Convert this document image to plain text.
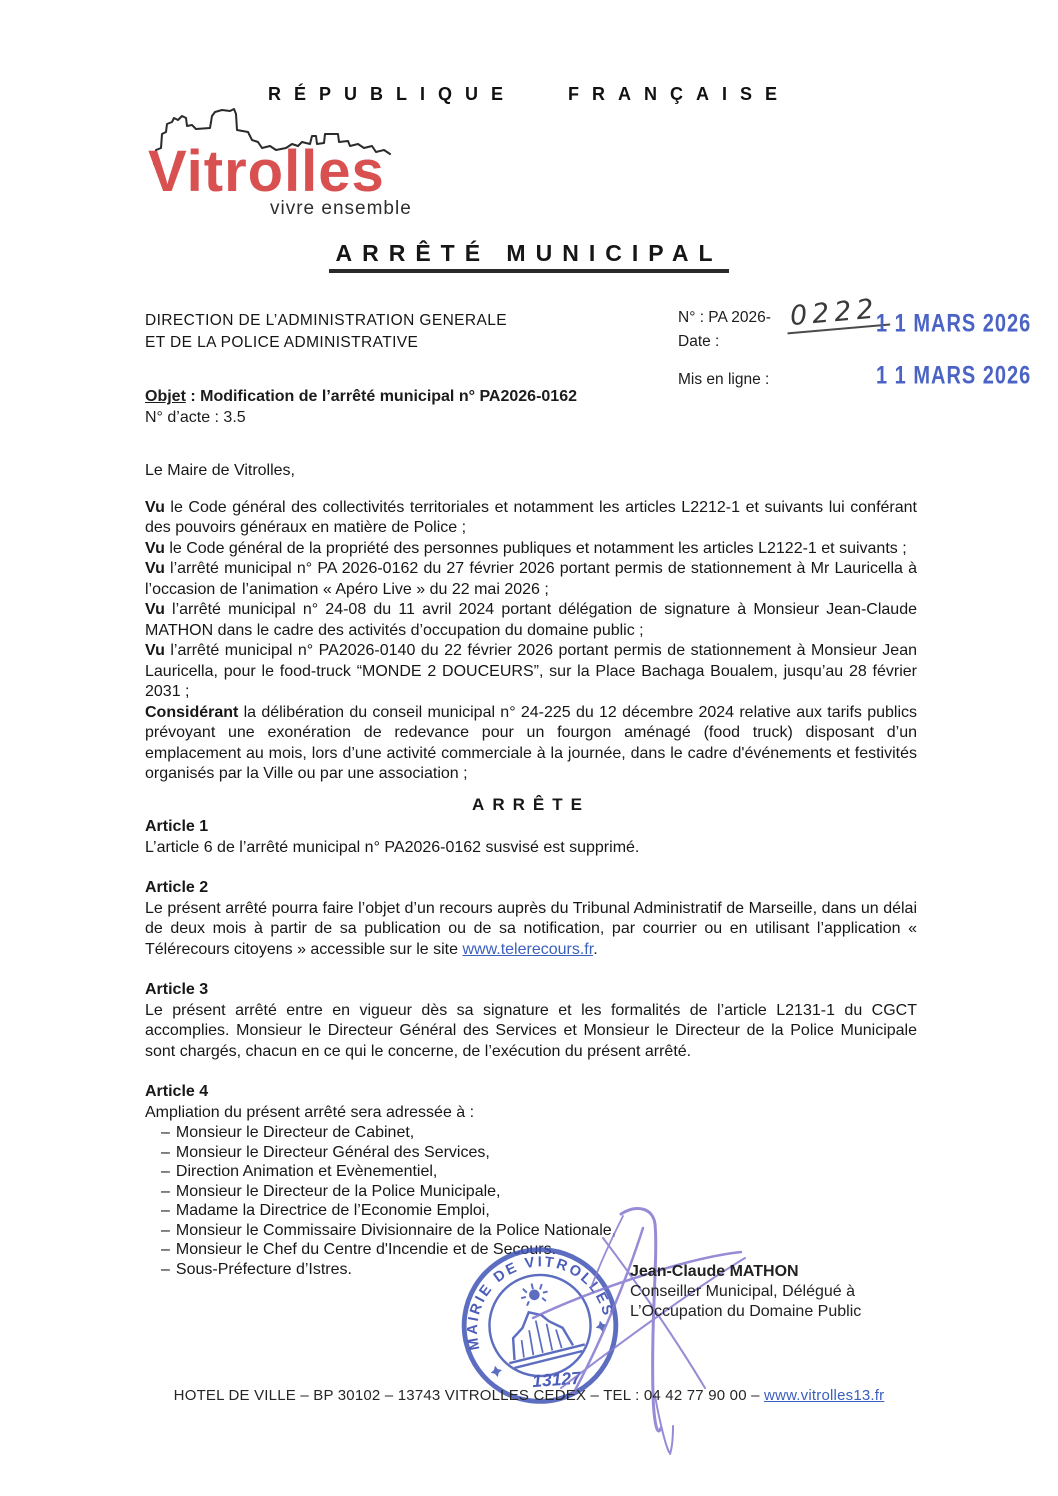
RÉPUBLIQUE FRANÇAISE
Vitrolles
vivre ensemble
ARRÊTÉ MUNICIPAL
DIRECTION DE L’ADMINISTRATION GENERALE
ET DE LA POLICE ADMINISTRATIVE
N° : PA 2026- 0222
Date :
1 1 MARS 2026
Mis en ligne :	1 1 MARS 2026
Objet : Modification de l’arrêté municipal n° PA2026-0162
N° d’acte : 3.5

Le Maire de Vitrolles,

Vu le Code général des collectivités territoriales et notamment les articles L2212-1 et suivants lui conférant des pouvoirs généraux en matière de Police ;

Vu le Code général de la propriété des personnes publiques et notamment les articles L2122-1 et suivants ;

Vu l’arrêté municipal n° PA 2026-0162 du 27 février 2026 portant permis de stationnement à Mr Lauricella à l’occasion de l’animation « Apéro Live » du 22 mai 2026 ;

Vu l’arrêté municipal n° 24-08 du 11 avril 2024 portant délégation de signature à Monsieur Jean-Claude MATHON dans le cadre des activités d’occupation du domaine public ;

Vu l’arrêté municipal n° PA2026-0140 du 22 février 2026 portant permis de stationnement à Monsieur Jean Lauricella, pour le food-truck “MONDE 2 DOUCEURS”, sur la Place Bachaga Boualem, jusqu’au 28 février 2031 ;

Considérant la délibération du conseil municipal n° 24-225 du 12 décembre 2024 relative aux tarifs publics prévoyant une exonération de redevance pour un fourgon aménagé (food truck) disposant d’un emplacement au mois, lors d’une activité commerciale à la journée, dans le cadre d'événements et festivités organisés par la Ville ou par une association ;

ARRÊTE

Article 1

L’article 6 de l’arrêté municipal n° PA2026-0162 susvisé est supprimé.

Article 2

Le présent arrêté pourra faire l’objet d’un recours auprès du Tribunal Administratif de Marseille, dans un délai de deux mois à partir de sa publication ou de sa notification, par courrier ou en utilisant l’application « Télérecours citoyens » accessible sur le site www.telerecours.fr.

Article 3

Le présent arrêté entre en vigueur dès sa signature et les formalités de l’article L2131-1 du CGCT accomplies. Monsieur le Directeur Général des Services et Monsieur le Directeur de la Police Municipale sont chargés, chacun en ce qui le concerne, de l’exécution du présent arrêté.

Article 4

Ampliation du présent arrêté sera adressée à :

– Monsieur le Directeur de Cabinet,
– Monsieur le Directeur Général des Services,
– Direction Animation et Evènementiel,
– Monsieur le Directeur de la Police Municipale,
– Madame la Directrice de l’Economie Emploi,
– Monsieur le Commissaire Divisionnaire de la Police Nationale,
– Monsieur le Chef du Centre d'Incendie et de Secours.
– Sous-Préfecture d’Istres.
MAIRIE DE VITROLLES
13127
Jean-Claude MATHON
Conseiller Municipal, Délégué à
L’Occupation du Domaine Public
HOTEL DE VILLE – BP 30102 – 13743 VITROLLES CEDEX – TEL : 04 42 77 90 00 – www.vitrolles13.fr
